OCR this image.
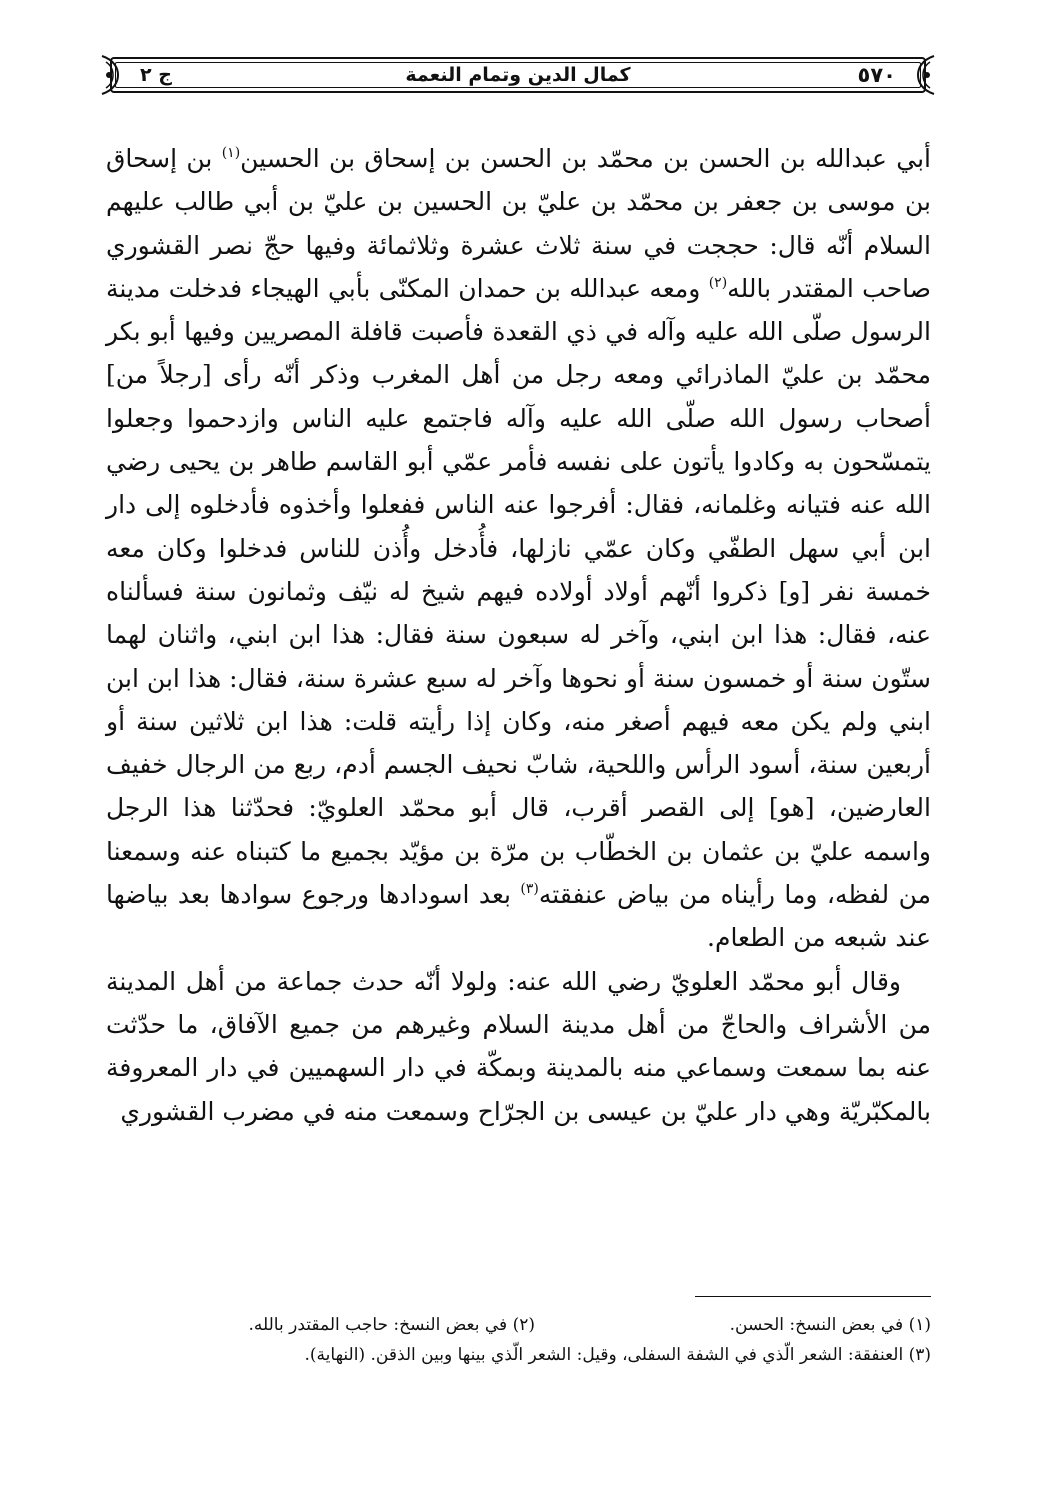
٥٧٠
كمال الدين وتمام النعمة
ج ٢

أبي عبدالله بن الحسن بن محمّد بن الحسن بن إسحاق بن الحسين$^{(١)}$ بن إسحاق بن موسى بن جعفر بن محمّد بن عليّ بن الحسين بن عليّ بن أبي طالب عليهم السلام أنّه قال: حججت في سنة ثلاث عشرة وثلاثمائة وفيها حجّ نصر القشوري صاحب المقتدر بالله$^{(٢)}$ ومعه عبدالله بن حمدان المكنّى بأبي الهيجاء فدخلت مدينة الرسول صلّى الله عليه وآله في ذي القعدة فأصبت قافلة المصريين وفيها أبو بكر محمّد بن عليّ الماذرائي ومعه رجل من أهل المغرب وذكر أنّه رأى [رجلاً من] أصحاب رسول الله صلّى الله عليه وآله فاجتمع عليه الناس وازدحموا وجعلوا يتمسّحون به وكادوا يأتون على نفسه فأمر عمّي أبو القاسم طاهر بن يحيى رضي الله عنه فتيانه وغلمانه، فقال: أفرجوا عنه الناس ففعلوا وأخذوه فأدخلوه إلى دار ابن أبي سهل الطفّي وكان عمّي نازلها، فأُدخل وأُذن للناس فدخلوا وكان معه خمسة نفر [و] ذكروا أنّهم أولاد أولاده فيهم شيخ له نيّف وثمانون سنة فسألناه عنه، فقال: هذا ابن ابني، وآخر له سبعون سنة فقال: هذا ابن ابني، واثنان لهما ستّون سنة أو خمسون سنة أو نحوها وآخر له سبع عشرة سنة، فقال: هذا ابن ابن ابني ولم يكن معه فيهم أصغر منه، وكان إذا رأيته قلت: هذا ابن ثلاثين سنة أو أربعين سنة، أسود الرأس واللحية، شابّ نحيف الجسم أدم، ربع من الرجال خفيف العارضين، [هو] إلى القصر أقرب، قال أبو محمّد العلويّ: فحدّثنا هذا الرجل واسمه عليّ بن عثمان بن الخطّاب بن مرّة بن مؤيّد بجميع ما كتبناه عنه وسمعنا من لفظه، وما رأيناه من بياض عنفقته$^{(٣)}$ بعد اسودادها ورجوع سوادها بعد بياضها عند شبعه من الطعام.

وقال أبو محمّد العلويّ رضي الله عنه: ولولا أنّه حدث جماعة من أهل المدينة من الأشراف والحاجّ من أهل مدينة السلام وغيرهم من جميع الآفاق، ما حدّثت عنه بما سمعت وسماعي منه بالمدينة وبمكّة في دار السهميين في دار المعروفة بالمكبّريّة وهي دار عليّ بن عيسى بن الجرّاح وسمعت منه في مضرب القشوري

(١) في بعض النسخ: الحسن.
(٢) في بعض النسخ: حاجب المقتدر بالله.
(٣) العنفقة: الشعر الّذي في الشفة السفلى، وقيل: الشعر الّذي بينها وبين الذقن. (النهاية).
